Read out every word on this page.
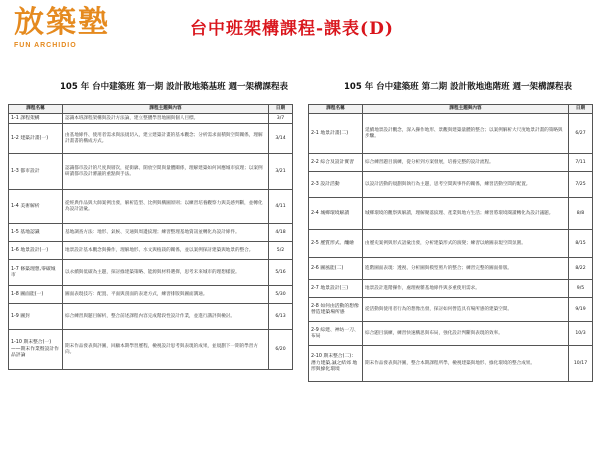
放築塾
FUN ARCHIDIO
台中班架構課程-課表(D)
105 年 台中建築班 第一期 設計散地築基班 週一架構課程表	105 年 台中建築班 第二期 設計散地進階班 週一架構課程表
課程名稱	課程主題與內容	日期
1-1 課程架構	認識本班課程架構與設計方法論，建立整體學習地圖與個人目標。	3/7
1-2 建築計畫(一)	由基地條件、使用者需求與法規切入，建立建築計畫的基本觀念；分析需求面積與空間關係，理解計畫書的構成方式。	3/14
1-3 都市設計	認識都市設計的尺度與層次，從街廓、開放空間與量體關係，理解建築如何回應城市紋理；以案例研讀都市設計審議的重點與手法。	3/21
1-4 美術解析	從經典作品與大師案例出發，解析造型、比例與構圖原則；以練習培養觀察力與美感判斷，並轉化為設計語彙。	4/11
1-5 基地認識	基地調查方法：地形、氣候、交通與周邊紋理；練習整理基地資訊並轉化為設計條件。	4/18
1-6 地景設計(一)	地景設計基本觀念與操作，理解地形、水文與植栽的關係，並以案例探討建築與地景的整合。	5/2
1-7 修築理想,零碳城市	以永續與低碳為主題，探討綠建築策略、能源與材料選擇，思考未來城市的理想樣貌。	5/16
1-8 圖面能(一)	圖面表現技巧：配置、平面與剖面的表達方式，練習排版與圖面溝通。	5/30
1-9 圖封	綜合練習與題目解析，整合前述課程內容完成階段性設計作業，並進行講評與檢討。	6/13
1-10 期末整合(一)——期末作業暨設計作品評論	期末作品發表與評圖，回顧本期學習歷程，檢視設計思考與表現的成果，並規劃下一期的學習方向。	6/20
課程名稱	課程主題與內容	日期
2-1 地景計畫(二)	延續地景設計觀念，深入操作地形、景觀與建築量體的整合；以案例解析大尺度地景計畫的策略與步驟。	6/27
2-2 綜合及設計實習	綜合練習題目演練，從分析到方案發展，培養完整的設計流程。	7/11
2-3 設計活動	以設計活動的規劃與執行為主題，思考空間與事件的關係，練習活動空間的配置。	7/25
2-4 城鄉環境解讀	城鄉環境的觀察與解讀，理解聚落紋理、產業與地方生活；練習將環境閱讀轉化為設計議題。	8/8
2-5 歷質形式、釀繪	由歷史案例與形式語彙出發，分析建築形式的演變；練習以繪圖表現空間氛圍。	8/15
2-6 圖風能(二)	進階圖面表現：透視、分析圖與模型照片的整合；練習完整的圖面排版。	8/22
2-7 地景設計(三)	地景設計進階操作，處理複雜基地條件與多重使用需求。	9/5
2-8 如何由活動的想像營造建築場所感	從活動與使用者行為的想像出發，探討如何營造具有場所感的建築空間。	9/19
2-9 綜建、神坊一刀、布局	綜合題目演練，練習快速構思與布局，強化設計判斷與表現的效率。	10/3
2-10 期末整合(二)：潛力建築,誠之結郊 地形與綠化環境	期末作品發表與評圖，整合本期課程所學，檢視建築與地形、綠化環境的整合成果。	10/17
